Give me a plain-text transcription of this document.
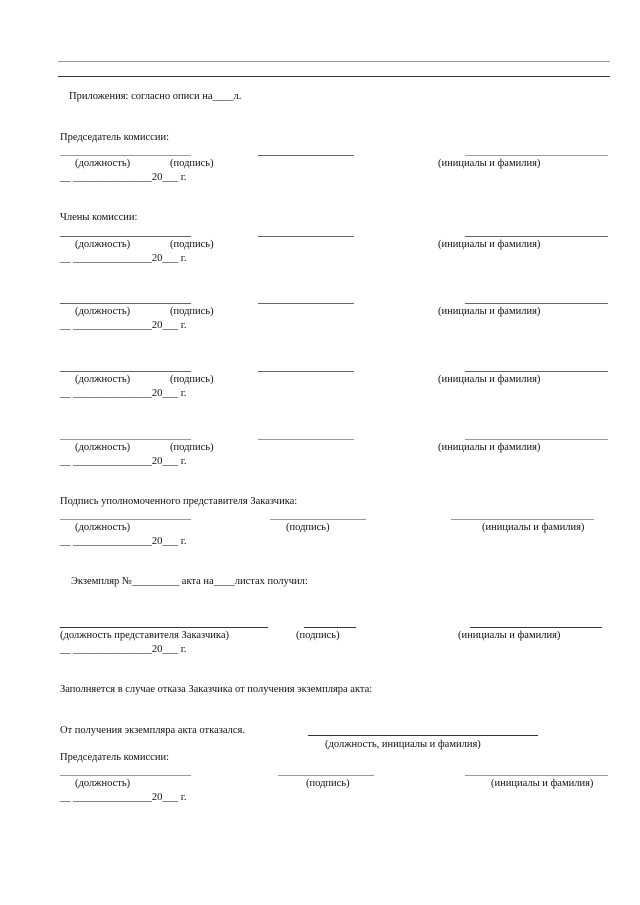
Приложения: согласно описи на____л.
Председатель комиссии:
(должность)	(подпись)	(инициалы и фамилия)
__ _______________20___ г.
Члены комиссии:
(должность)	(подпись)	(инициалы и фамилия)
__ _______________20___ г.
(должность)	(подпись)	(инициалы и фамилия)
__ _______________20___ г.
(должность)	(подпись)	(инициалы и фамилия)
__ _______________20___ г.
(должность)	(подпись)	(инициалы и фамилия)
__ _______________20___ г.
Подпись уполномоченного представителя Заказчика:
(должность)	(подпись)	(инициалы и фамилия)
__ _______________20___ г.
Экземпляр №_________ акта на____листах получил:
(должность представителя Заказчика)	(подпись)	(инициалы и фамилия)
__ _______________20___ г.
Заполняется в случае отказа Заказчика от получения экземпляра акта:
От получения экземпляра акта отказался.
(должность, инициалы и фамилия)
Председатель комиссии:
(должность)	(подпись)	(инициалы и фамилия)
__ _______________20___ г.
